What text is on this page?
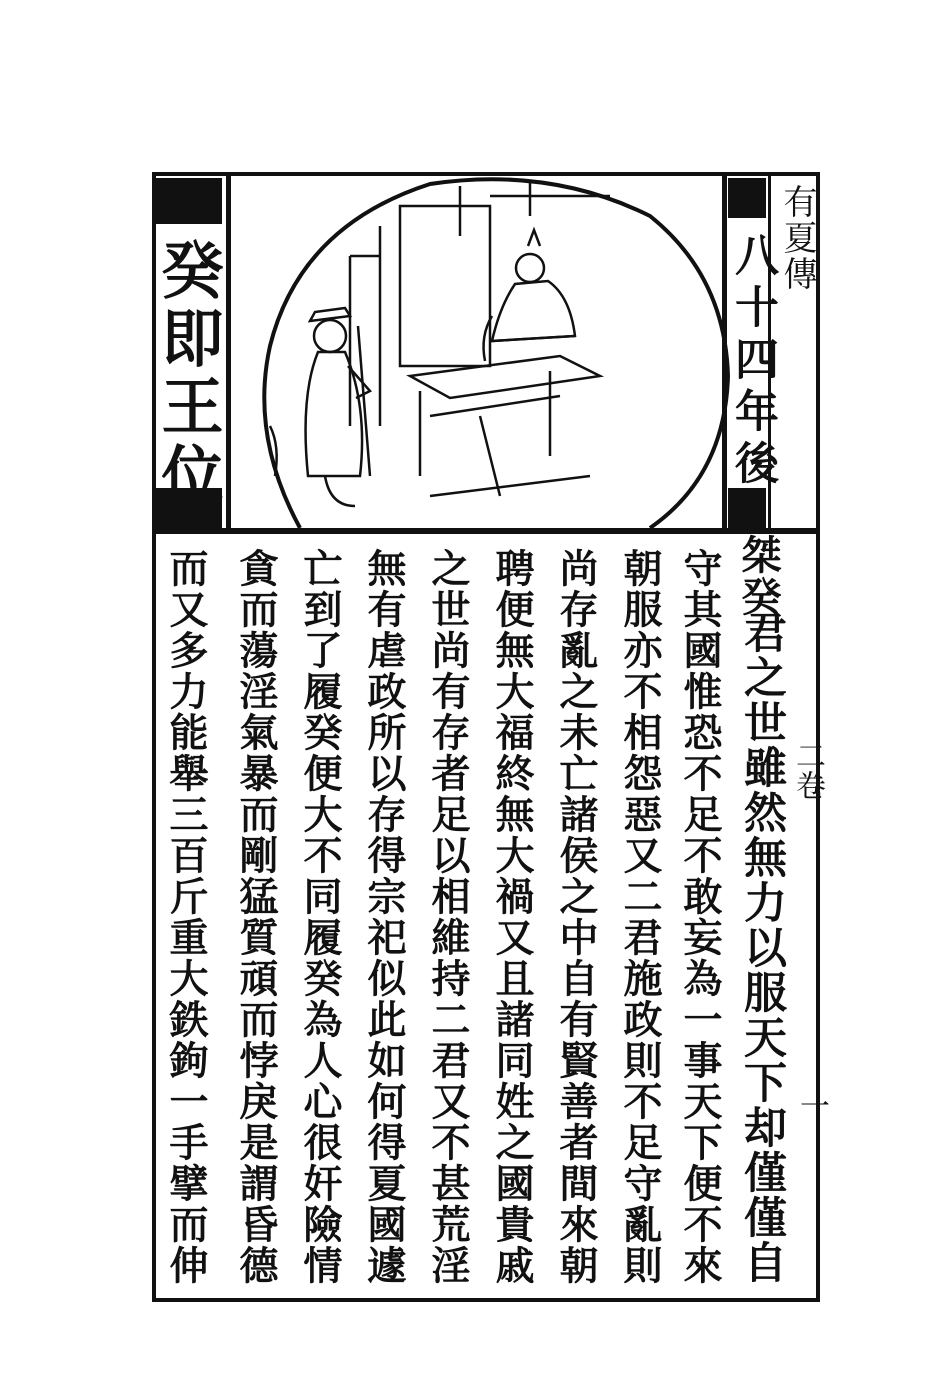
癸即王位	八十四年後 有夏傳
二卷
一
桀癸
君之世雖然無力以服天下却僅僅自
守其國惟恐不足不敢妄為一事天下便不來
朝服亦不相怨惡又二君施政則不足守亂則
尚存亂之未亡諸侯之中自有賢善者間來朝
聘便無大福終無大禍又且諸同姓之國貴戚
之世尚有存者足以相維持二君又不甚荒淫
無有虐政所以存得宗祀似此如何得夏國遽
亡到了履癸便大不同履癸為人心很奸險情
貪而蕩淫氣暴而剛猛質頑而悖戾是謂昏德
而又多力能舉三百斤重大鉄鉤一手擘而伸
